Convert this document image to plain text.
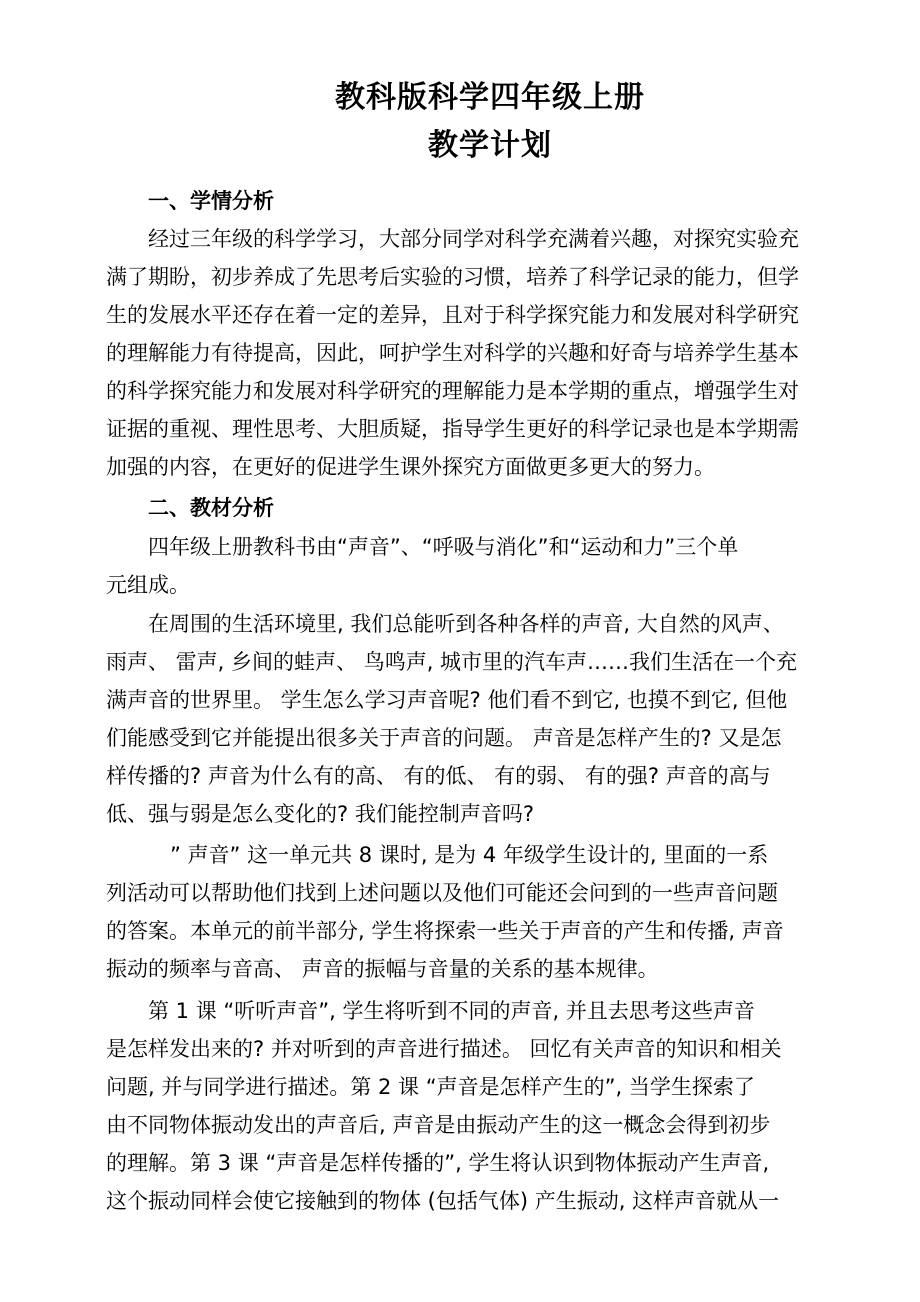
教科版科学四年级上册
教学计划
一、学情分析
经过三年级的科学学习，大部分同学对科学充满着兴趣，对探究实验充
满了期盼，初步养成了先思考后实验的习惯，培养了科学记录的能力，但学
生的发展水平还存在着一定的差异，且对于科学探究能力和发展对科学研究
的理解能力有待提高，因此，呵护学生对科学的兴趣和好奇与培养学生基本
的科学探究能力和发展对科学研究的理解能力是本学期的重点，增强学生对
证据的重视、理性思考、大胆质疑，指导学生更好的科学记录也是本学期需
加强的内容，在更好的促进学生课外探究方面做更多更大的努力。
二、教材分析
四年级上册教科书由“声音”、“呼吸与消化”和“运动和力”三个单
元组成。
在周围的生活环境里, 我们总能听到各种各样的声音, 大自然的风声、
雨声、 雷声, 乡间的蛙声、 鸟鸣声, 城市里的汽车声……我们生活在一个充
满声音的世界里。 学生怎么学习声音呢? 他们看不到它, 也摸不到它, 但他
们能感受到它并能提出很多关于声音的问题。 声音是怎样产生的? 又是怎
样传播的? 声音为什么有的高、 有的低、 有的弱、 有的强? 声音的高与
低、强与弱是怎么变化的? 我们能控制声音吗?
” 声音” 这一单元共 8 课时, 是为 4 年级学生设计的, 里面的一系
列活动可以帮助他们找到上述问题以及他们可能还会问到的一些声音问题
的答案。本单元的前半部分, 学生将探索一些关于声音的产生和传播, 声音
振动的频率与音高、 声音的振幅与音量的关系的基本规律。
第 1 课 “听听声音”, 学生将听到不同的声音, 并且去思考这些声音
是怎样发出来的? 并对听到的声音进行描述。 回忆有关声音的知识和相关
问题, 并与同学进行描述。第 2 课 “声音是怎样产生的”, 当学生探索了
由不同物体振动发出的声音后, 声音是由振动产生的这一概念会得到初步
的理解。第 3 课 “声音是怎样传播的”, 学生将认识到物体振动产生声音,
这个振动同样会使它接触到的物体 (包括气体) 产生振动, 这样声音就从一
